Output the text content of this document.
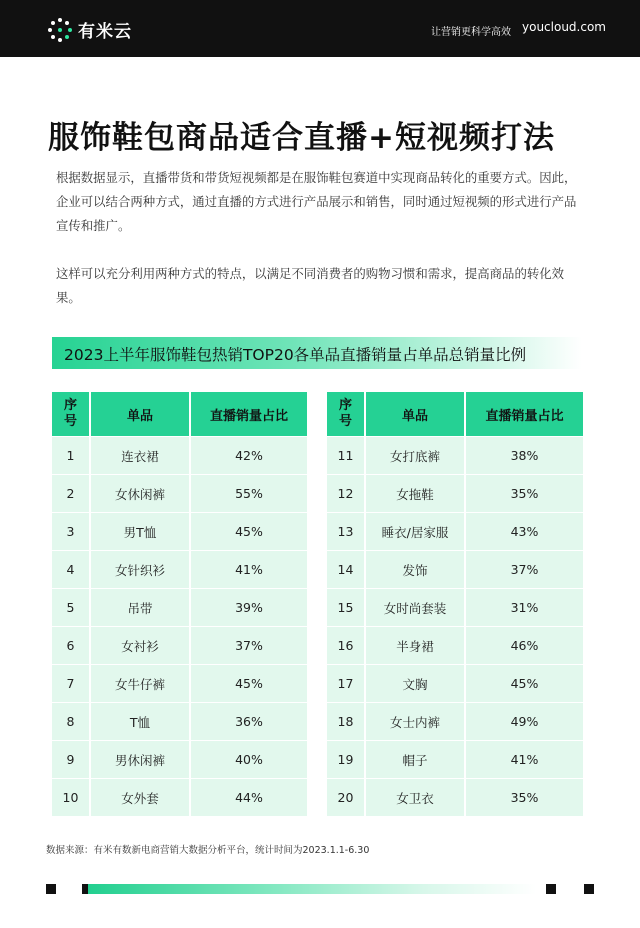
有米云	让营销更科学高效 youcloud.com
服饰鞋包商品适合直播+短视频打法

根据数据显示，直播带货和带货短视频都是在服饰鞋包赛道中实现商品转化的重要方式。因此，企业可以结合两种方式，通过直播的方式进行产品展示和销售，同时通过短视频的形式进行产品宣传和推广。

这样可以充分利用两种方式的特点，以满足不同消费者的购物习惯和需求，提高商品的转化效果。

2023上半年服饰鞋包热销TOP20各单品直播销量占单品总销量比例
序号	单品	直播销量占比
1	连衣裙	42%
2	女休闲裤	55%
3	男T恤	45%
4	女针织衫	41%
5	吊带	39%
6	女衬衫	37%
7	女牛仔裤	45%
8	T恤	36%
9	男休闲裤	40%
10	女外套	44%
序号	单品	直播销量占比
11	女打底裤	38%
12	女拖鞋	35%
13	睡衣/居家服	43%
14	发饰	37%
15	女时尚套装	31%
16	半身裙	46%
17	文胸	45%
18	女士内裤	49%
19	帽子	41%
20	女卫衣	35%

数据来源：有米有数新电商营销大数据分析平台，统计时间为2023.1.1-6.30
